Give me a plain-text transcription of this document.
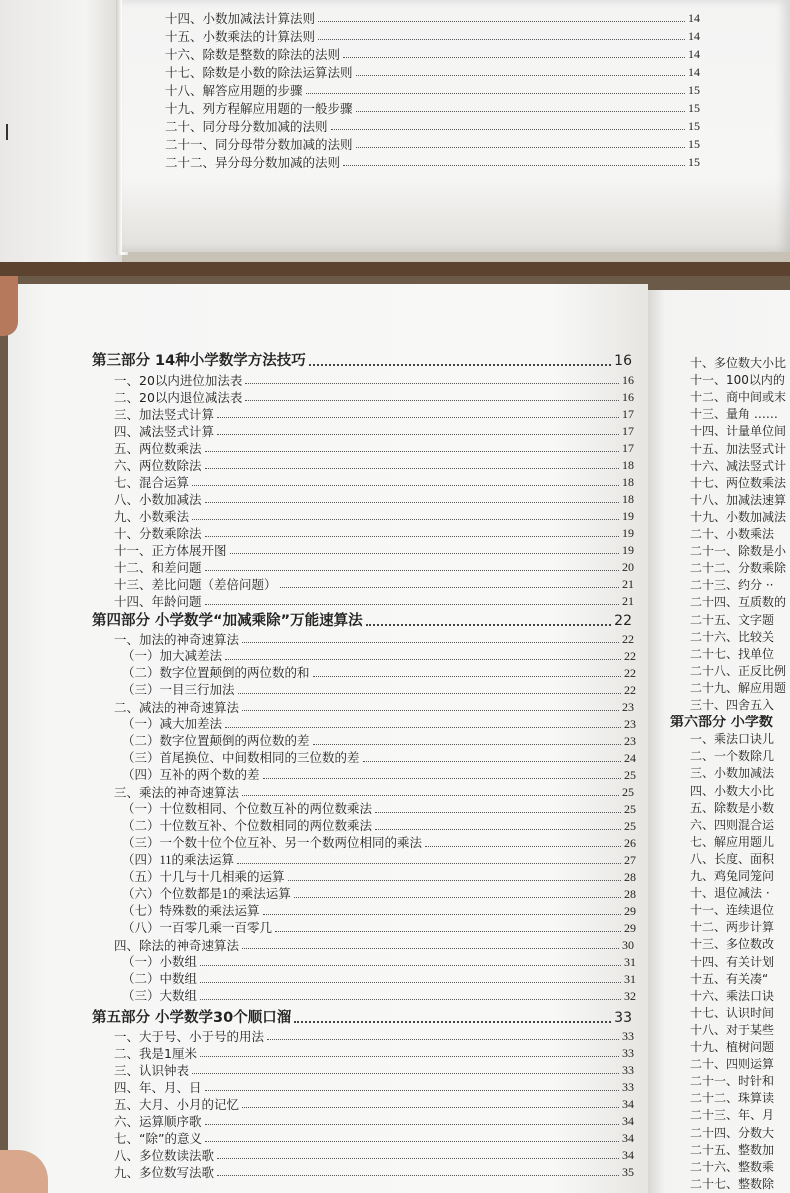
十四、小数加减法计算法则	14
十五、小数乘法的计算法则	14
十六、除数是整数的除法的法则	14
十七、除数是小数的除法运算法则	14
十八、解答应用题的步骤	15
十九、列方程解应用题的一般步骤	15
二十、同分母分数加减的法则	15
二十一、同分母带分数加减的法则	15
二十二、异分母分数加减的法则	15
第三部分 14种小学数学方法技巧	16
一、20以内进位加法表	16
二、20以内退位减法表	16
三、加法竖式计算	17
四、减法竖式计算	17
五、两位数乘法	17
六、两位数除法	18
七、混合运算	18
八、小数加减法	18
九、小数乘法	19
十、分数乘除法	19
十一、正方体展开图	19
十二、和差问题	20
十三、差比问题（差倍问题）	21
十四、年龄问题	21
第四部分 小学数学“加减乘除”万能速算法	22
一、加法的神奇速算法	22
（一）加大减差法	22
（二）数字位置颠倒的两位数的和	22
（三）一目三行加法	22
二、减法的神奇速算法	23
（一）减大加差法	23
（二）数字位置颠倒的两位数的差	23
（三）首尾换位、中间数相同的三位数的差	24
（四）互补的两个数的差	25
三、乘法的神奇速算法	25
（一）十位数相同、个位数互补的两位数乘法	25
（二）十位数互补、个位数相同的两位数乘法	25
（三）一个数十位个位互补、另一个数两位相同的乘法	26
（四）11的乘法运算	27
（五）十几与十几相乘的运算	28
（六）个位数都是1的乘法运算	28
（七）特殊数的乘法运算	29
（八）一百零几乘一百零几	29
四、除法的神奇速算法	30
（一）小数组	31
（二）中数组	31
（三）大数组	32
第五部分 小学数学30个顺口溜	33
一、大于号、小于号的用法	33
二、我是1厘米	33
三、认识钟表	33
四、年、月、日	33
五、大月、小月的记忆	34
六、运算顺序歌	34
七、“除”的意义	34
八、多位数读法歌	34
九、多位数写法歌	35
十、多位数大小比
十一、100以内的
十二、商中间或末
十三、量角 ……
十四、计量单位间
十五、加法竖式计
十六、减法竖式计
十七、两位数乘法
十八、加减法速算
十九、小数加减法
二十、小数乘法
二十一、除数是小
二十二、分数乘除
二十三、约分 ··
二十四、互质数的
二十五、文字题
二十六、比较关
二十七、找单位
二十八、正反比例
二十九、解应用题
三十、四舍五入
第六部分 小学数
一、乘法口诀儿
二、一个数除几
三、小数加减法
四、小数大小比
五、除数是小数
六、四则混合运
七、解应用题儿
八、长度、面积
九、鸡兔同笼问
十、退位减法 ·
十一、连续退位
十二、两步计算
十三、多位数改
十四、有关计划
十五、有关凑“
十六、乘法口诀
十七、认识时间
十八、对于某些
十九、植树问题
二十、四则运算
二十一、时针和
二十二、珠算读
二十三、年、月
二十四、分数大
二十五、整数加
二十六、整数乘
二十七、整数除
